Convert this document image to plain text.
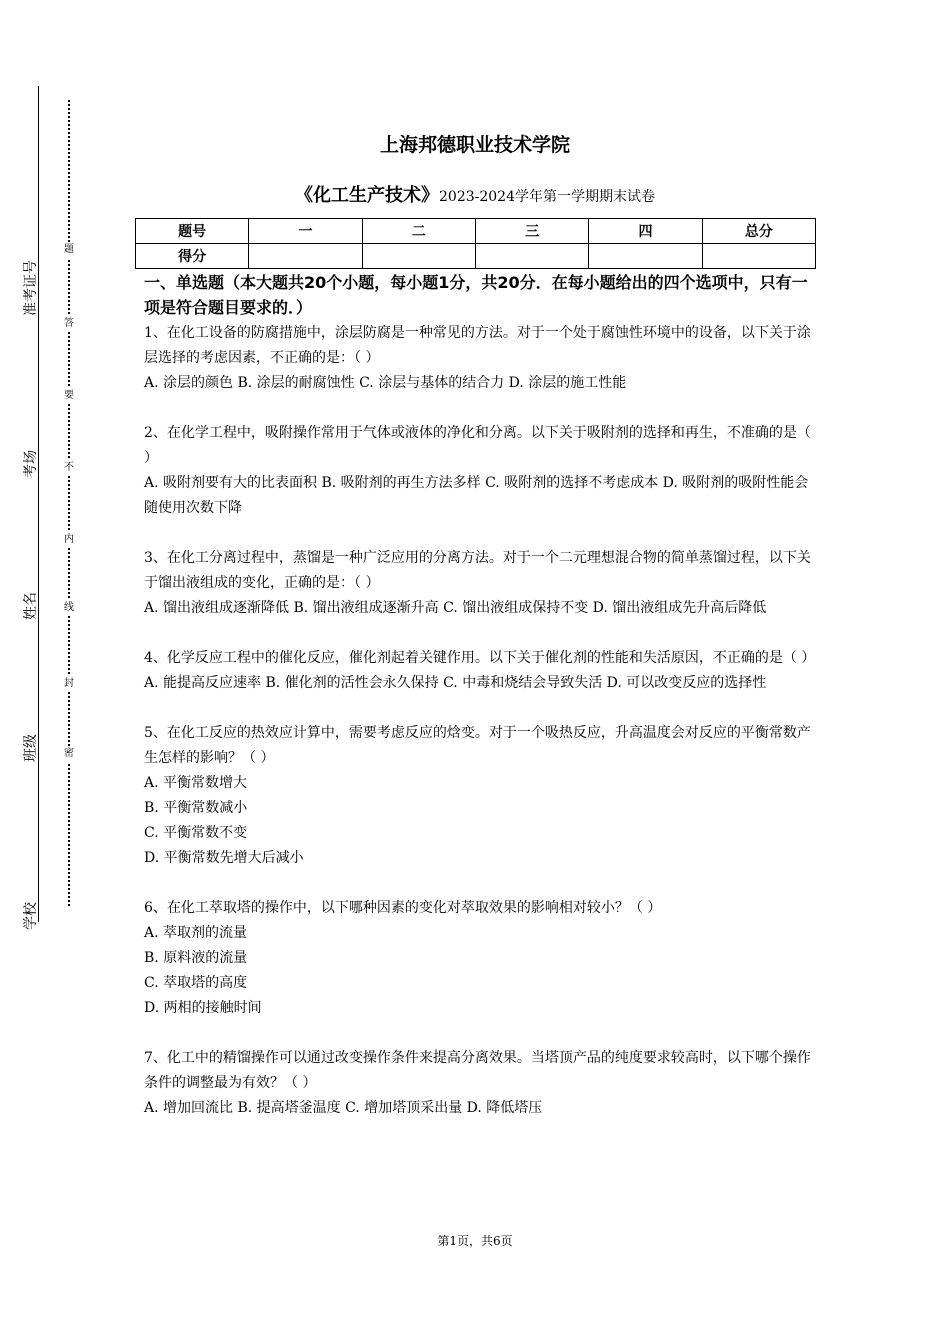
准考证号
考场
姓名
班级
学校
题
答
要
不
内
线
封
密
上海邦德职业技术学院
《化工生产技术》2023-2024学年第一学期期末试卷
题号	一	二	三	四	总分
得分					
一、单选题（本大题共20个小题，每小题1分，共20分．在每小题给出的四个选项中，只有一项是符合题目要求的．）
1、在化工设备的防腐措施中，涂层防腐是一种常见的方法。对于一个处于腐蚀性环境中的设备，以下关于涂层选择的考虑因素，不正确的是：（ ）
A. 涂层的颜色 B. 涂层的耐腐蚀性 C. 涂层与基体的结合力 D. 涂层的施工性能
2、在化学工程中，吸附操作常用于气体或液体的净化和分离。以下关于吸附剂的选择和再生，不准确的是（ ）
A. 吸附剂要有大的比表面积 B. 吸附剂的再生方法多样 C. 吸附剂的选择不考虑成本 D. 吸附剂的吸附性能会随使用次数下降
3、在化工分离过程中，蒸馏是一种广泛应用的分离方法。对于一个二元理想混合物的简单蒸馏过程，以下关于馏出液组成的变化，正确的是：（ ）
A. 馏出液组成逐渐降低 B. 馏出液组成逐渐升高 C. 馏出液组成保持不变 D. 馏出液组成先升高后降低
4、化学反应工程中的催化反应，催化剂起着关键作用。以下关于催化剂的性能和失活原因，不正确的是（ ）
A. 能提高反应速率 B. 催化剂的活性会永久保持 C. 中毒和烧结会导致失活 D. 可以改变反应的选择性
5、在化工反应的热效应计算中，需要考虑反应的焓变。对于一个吸热反应，升高温度会对反应的平衡常数产生怎样的影响？（ ）
A. 平衡常数增大
B. 平衡常数减小
C. 平衡常数不变
D. 平衡常数先增大后减小
6、在化工萃取塔的操作中，以下哪种因素的变化对萃取效果的影响相对较小？（ ）
A. 萃取剂的流量
B. 原料液的流量
C. 萃取塔的高度
D. 两相的接触时间
7、化工中的精馏操作可以通过改变操作条件来提高分离效果。当塔顶产品的纯度要求较高时，以下哪个操作条件的调整最为有效？（ ）
A. 增加回流比 B. 提高塔釜温度 C. 增加塔顶采出量 D. 降低塔压
第1页，共6页
